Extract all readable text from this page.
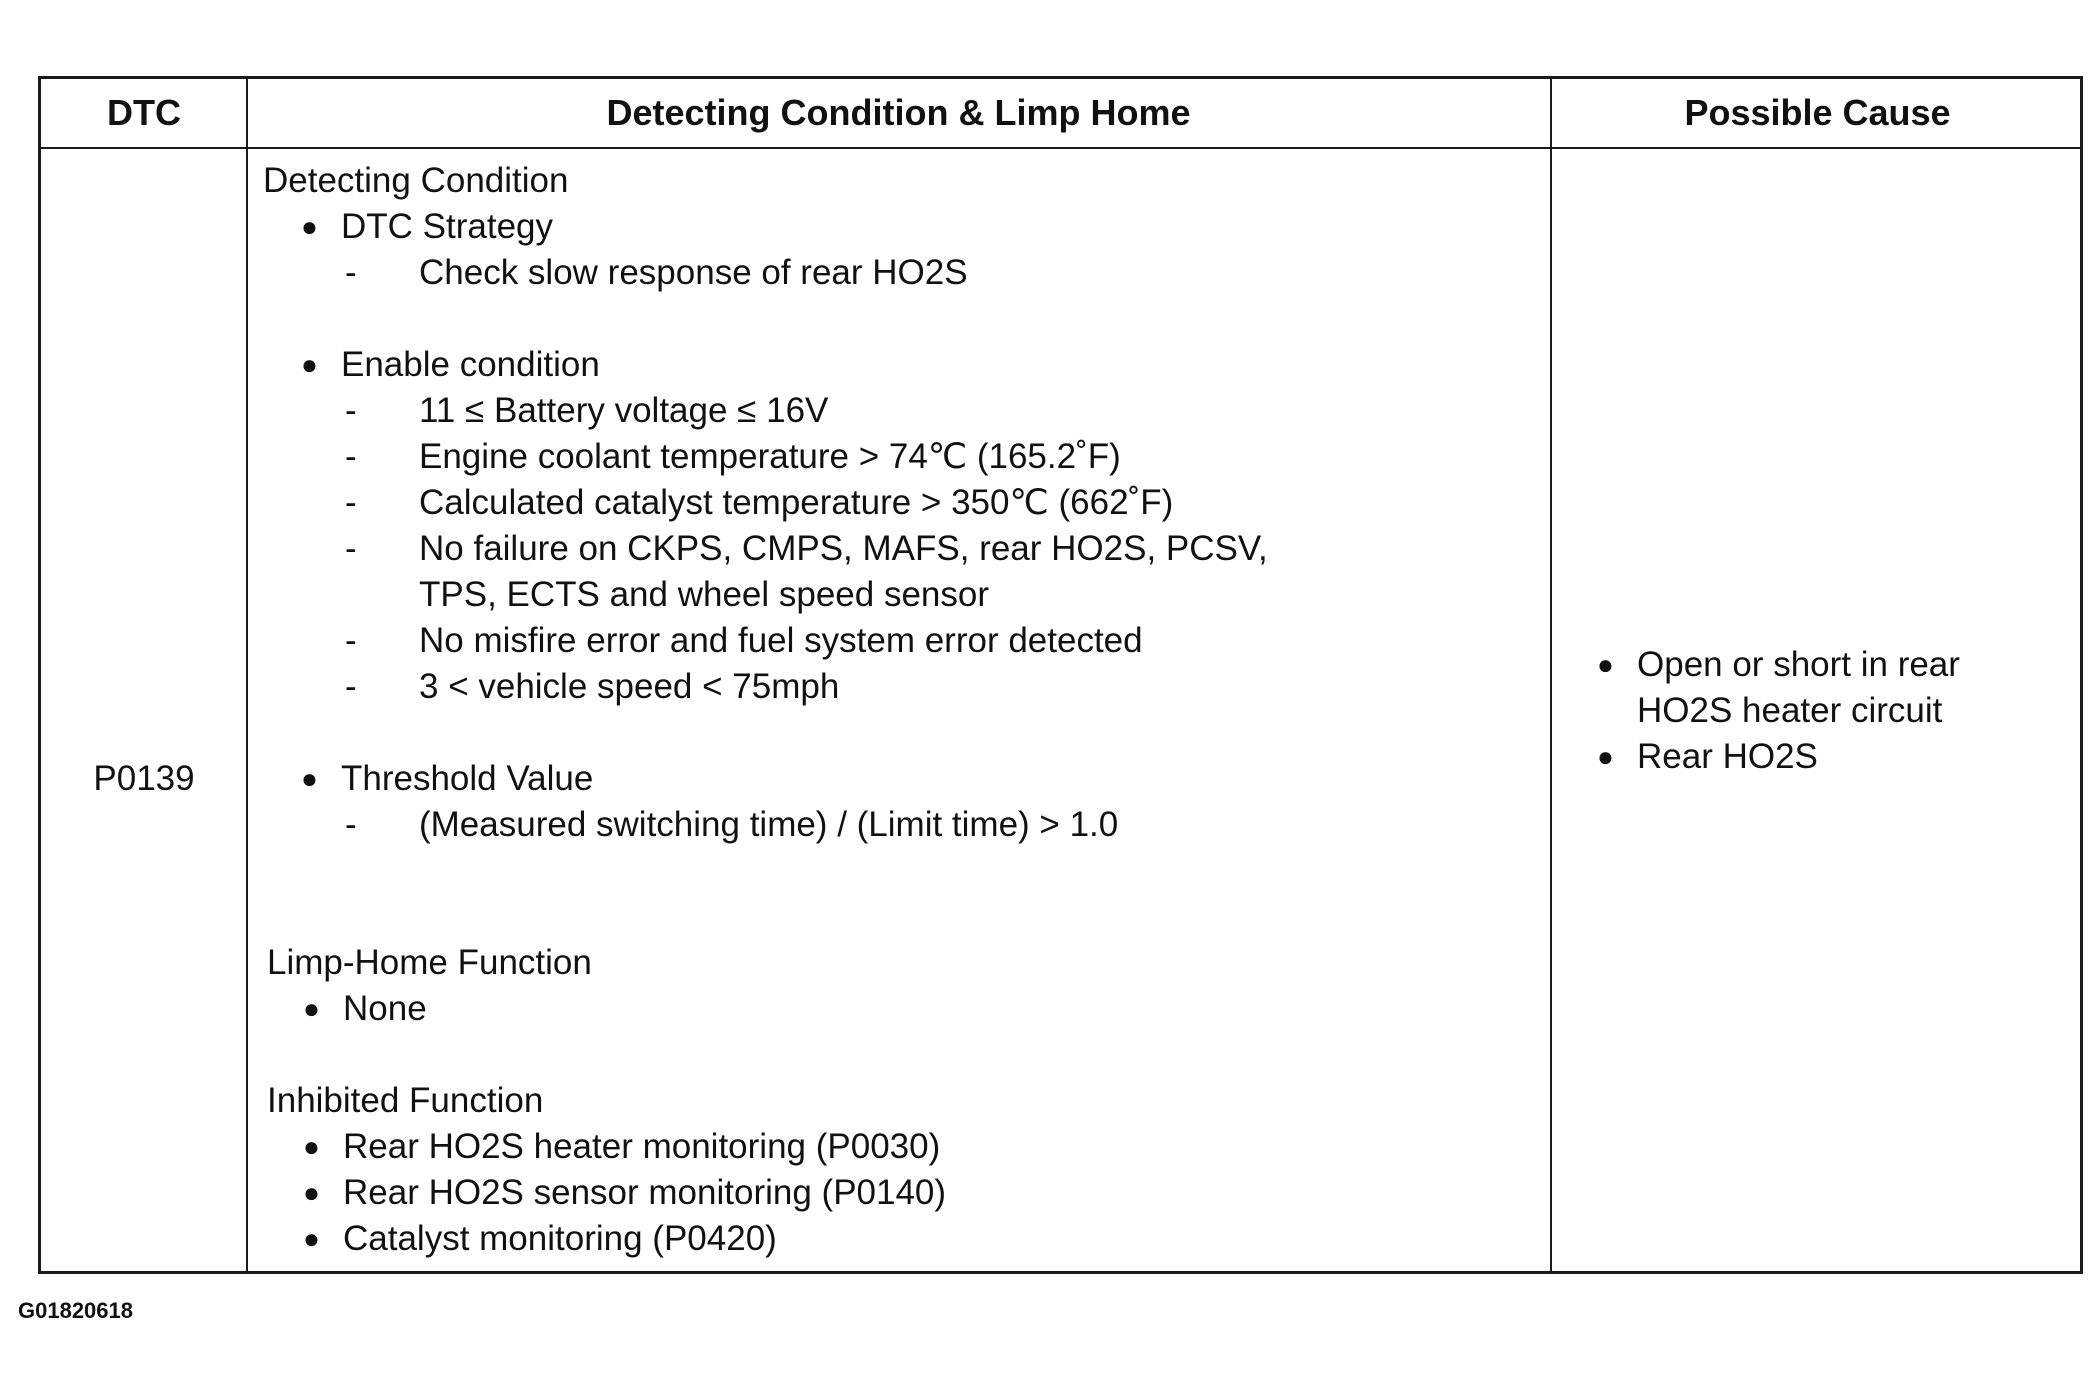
DTC	Detecting Condition & Limp Home	Possible Cause
P0139
Detecting Condition
● DTC Strategy
- Check slow response of rear HO2S
● Enable condition
- 11 ≤ Battery voltage ≤ 16V
- Engine coolant temperature > 74℃ (165.2˚F)
- Calculated catalyst temperature > 350℃ (662˚F)
- No failure on CKPS, CMPS, MAFS, rear HO2S, PCSV,
TPS, ECTS and wheel speed sensor
- No misfire error and fuel system error detected
- 3 < vehicle speed < 75mph
● Threshold Value
- (Measured switching time) / (Limit time) > 1.0
Limp-Home Function
● None
Inhibited Function
● Rear HO2S heater monitoring (P0030)
● Rear HO2S sensor monitoring (P0140)
● Catalyst monitoring (P0420)
● Open or short in rear
HO2S heater circuit
● Rear HO2S
G01820618
